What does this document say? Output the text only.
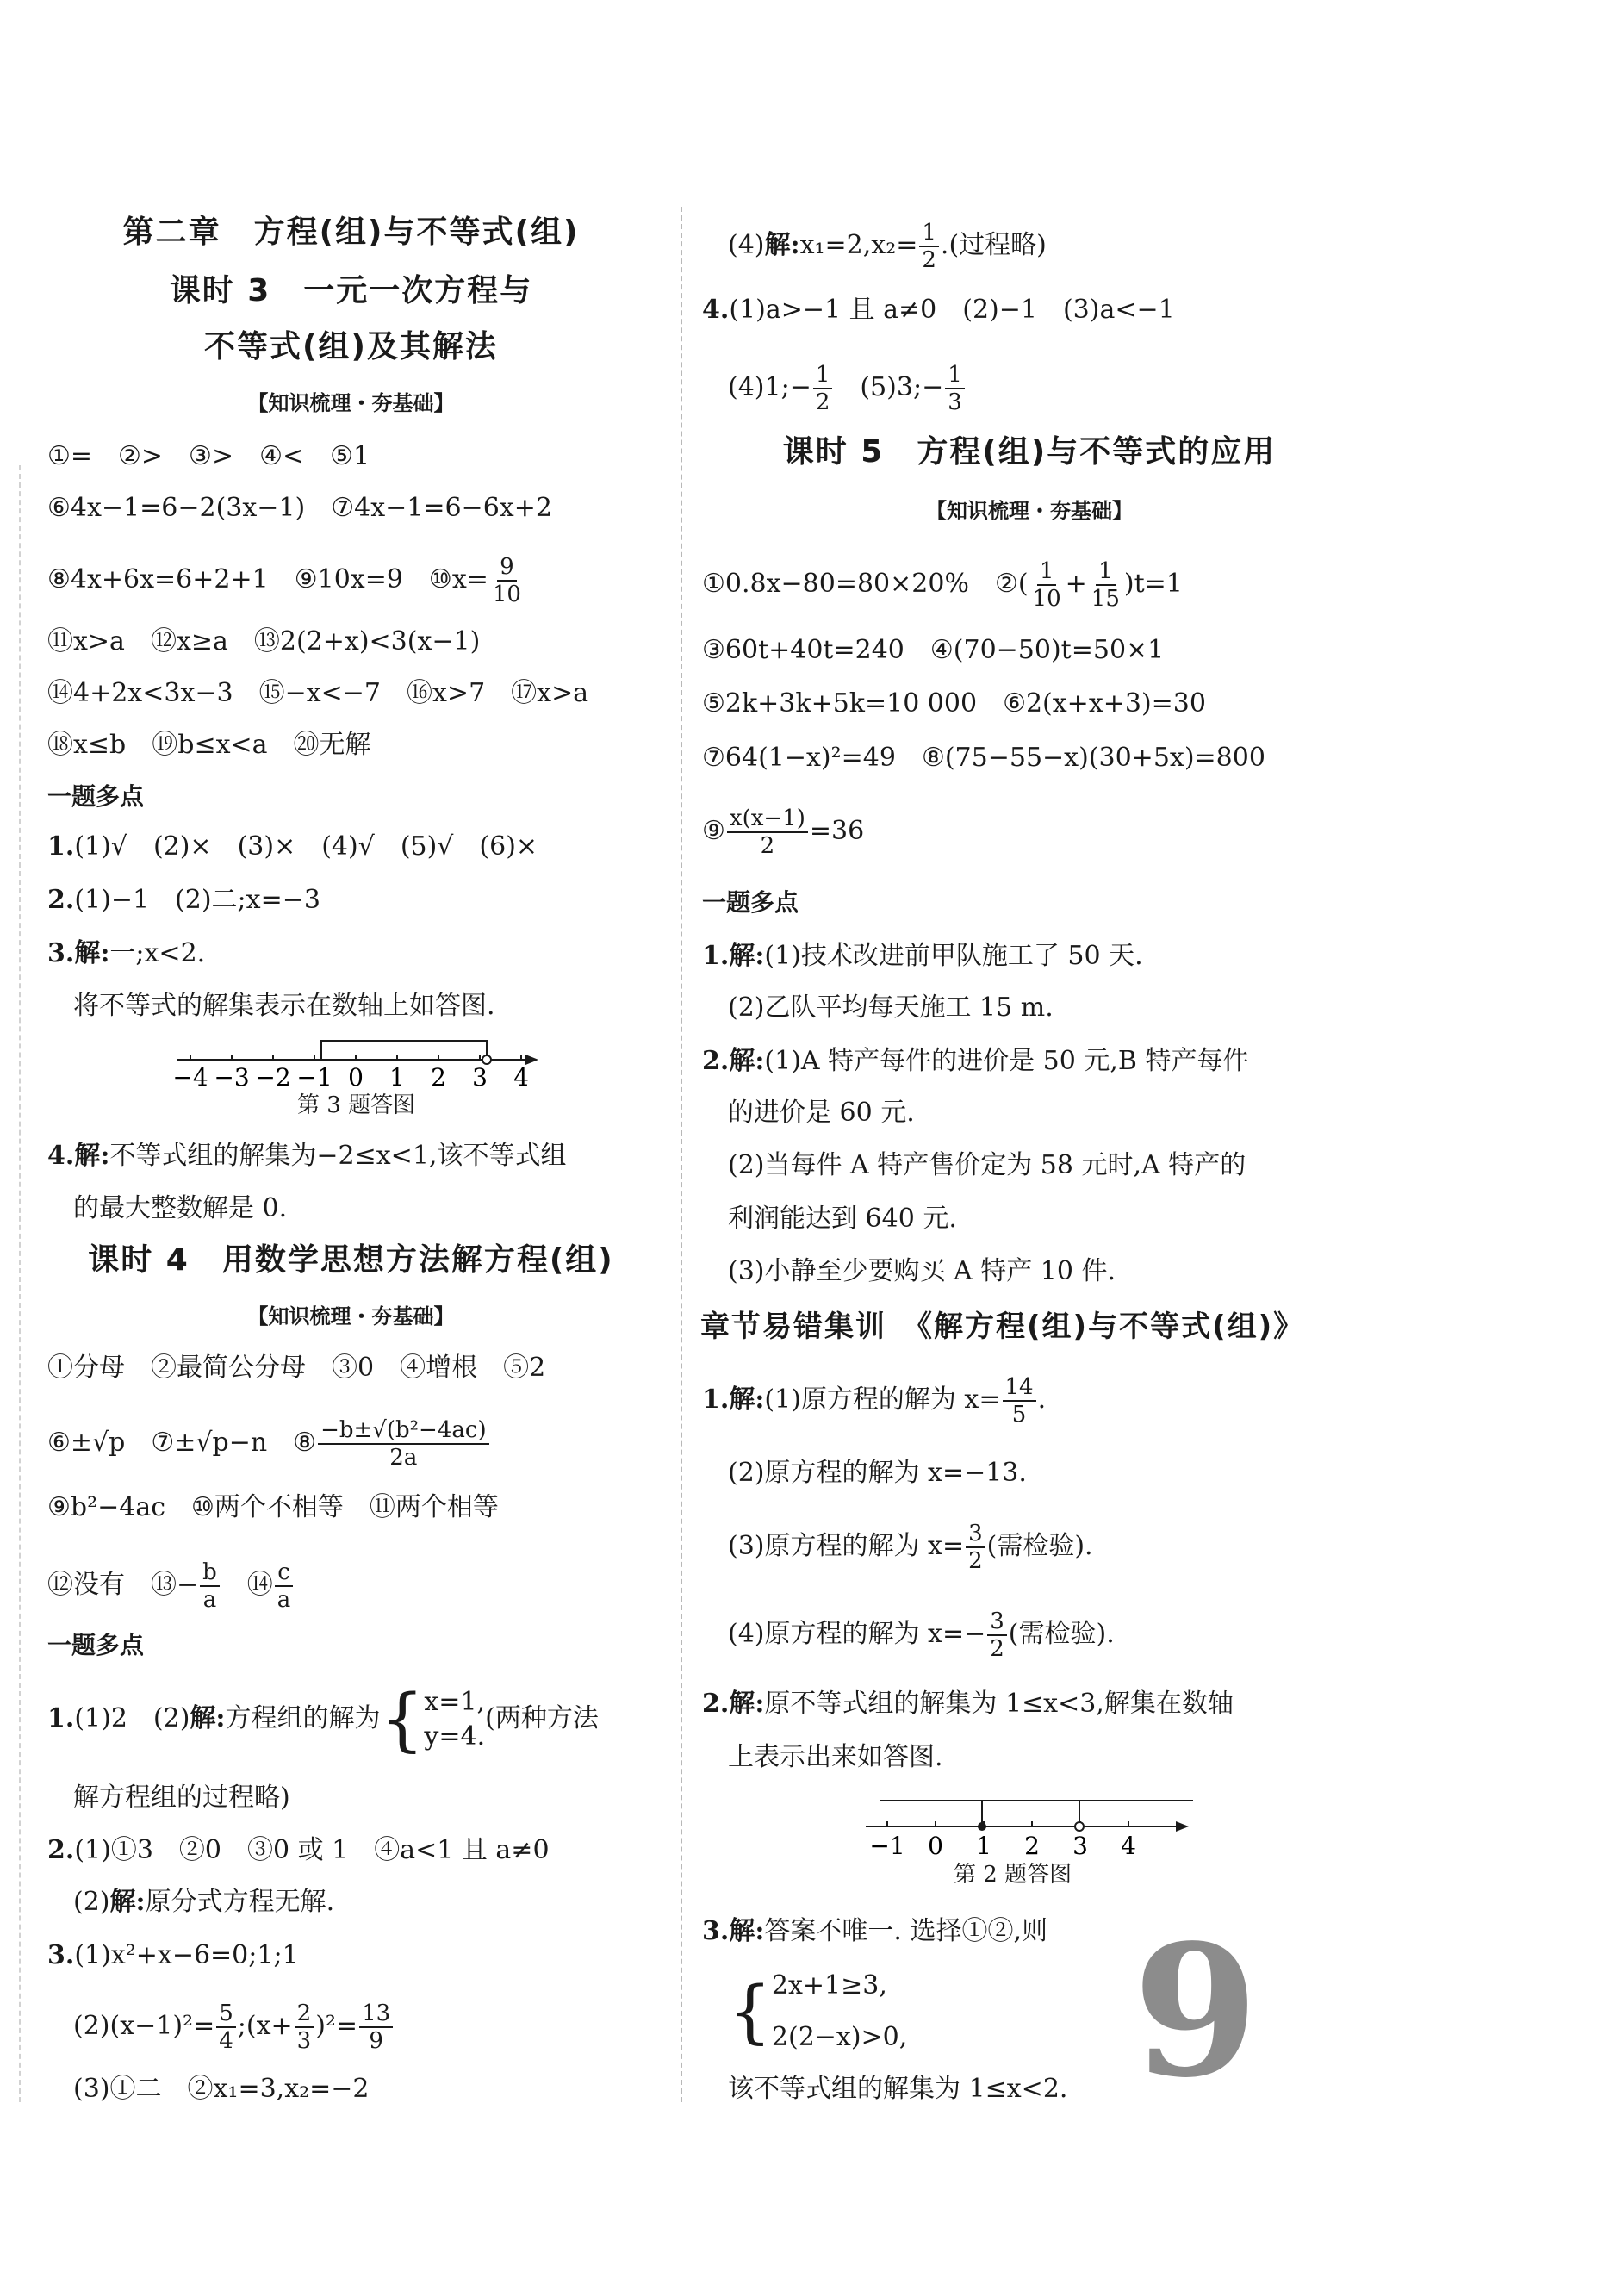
第二章　方程(组)与不等式(组)
课时 3　一元一次方程与
不等式(组)及其解法
【知识梳理・夯基础】
①=　②>　③>　④<　⑤1
⑥4x−1=6−2(3x−1)　⑦4x−1=6−6x+2
⑧4x+6x=6+2+1　⑨10x=9　⑩x= $\frac{9}{10}$
⑪x>a　⑫x≥a　⑬2(2+x)<3(x−1)
⑭4+2x<3x−3　⑮−x<−7　⑯x>7　⑰x>a
⑱x≤b　⑲b≤x<a　⑳无解
一题多点
1.(1)√　(2)×　(3)×　(4)√　(5)√　(6)×
2.(1)−1　(2)二;x=−3
3.解:一;x<2.
将不等式的解集表示在数轴上如答图.
−4 −3 −2 −1 0 1 2 3 4
第 3 题答图
4.解:不等式组的解集为−2≤x<1,该不等式组
的最大整数解是 0.
课时 4　用数学思想方法解方程(组)
【知识梳理・夯基础】
①分母　②最简公分母　③0　④增根　⑤2
⑥±√p　⑦±√p−n　⑧ $\frac{\text{−b±√(b²−4ac)}}{2a}$
⑨b²−4ac　⑩两个不相等　⑪两个相等
⑫没有　⑬− $\frac{b}{a}$ 　⑭ $\frac{c}{a}$
一题多点
1.(1)2　(2)解:方程组的解为{ x=1,
y=4.
(两种方法
解方程组的过程略)
2.(1)①3　②0　③0 或 1　④a<1 且 a≠0
(2)解:原分式方程无解.
3.(1)x²+x−6=0;1;1
$(2)(x-1)^2= \frac{5}{4}$ ;(x+ $\frac{2}{3} )^2= \frac{13}{9}$
(3)①二　②x₁=3,x₂=−2
(4)解:x₁=2,x₂= $\frac{1}{2}$ .(过程略)
4.(1)a>−1 且 a≠0　(2)−1　(3)a<−1
(4)1;− $\frac{1}{2}$ 　(5)3;− $\frac{1}{3}$
课时 5　方程(组)与不等式的应用
【知识梳理・夯基础】
①0.8x−80=80×20%　②( $\frac{1}{10} + \frac{1}{15} )t=1$
③60t+40t=240　④(70−50)t=50×1
⑤2k+3k+5k=10 000　⑥2(x+x+3)=30
⑦64(1−x)²=49　⑧(75−55−x)(30+5x)=800
⑨ $\frac{x(x-1)}{2} =36$
一题多点
1.解:(1)技术改进前甲队施工了 50 天.
(2)乙队平均每天施工 15 m.
2.解:(1)A 特产每件的进价是 50 元,B 特产每件
的进价是 60 元.
(2)当每件 A 特产售价定为 58 元时,A 特产的
利润能达到 640 元.
(3)小静至少要购买 A 特产 10 件.
章节易错集训　《解方程(组)与不等式(组)》
1.解:(1)原方程的解为 $x= \frac{14}{5}$ .
(2)原方程的解为 x=−13.
(3)原方程的解为 $x= \frac{3}{2}$ (需检验).
(4)原方程的解为 $x=- \frac{3}{2}$ (需检验).
2.解:原不等式组的解集为 1≤x<3,解集在数轴
上表示出来如答图.
−1 0 1 2 3 4
第 2 题答图
3.解:答案不唯一. 选择①②,则
{ 2x+1≥3,
2(2−x)>0,
该不等式组的解集为 1≤x<2. 9
